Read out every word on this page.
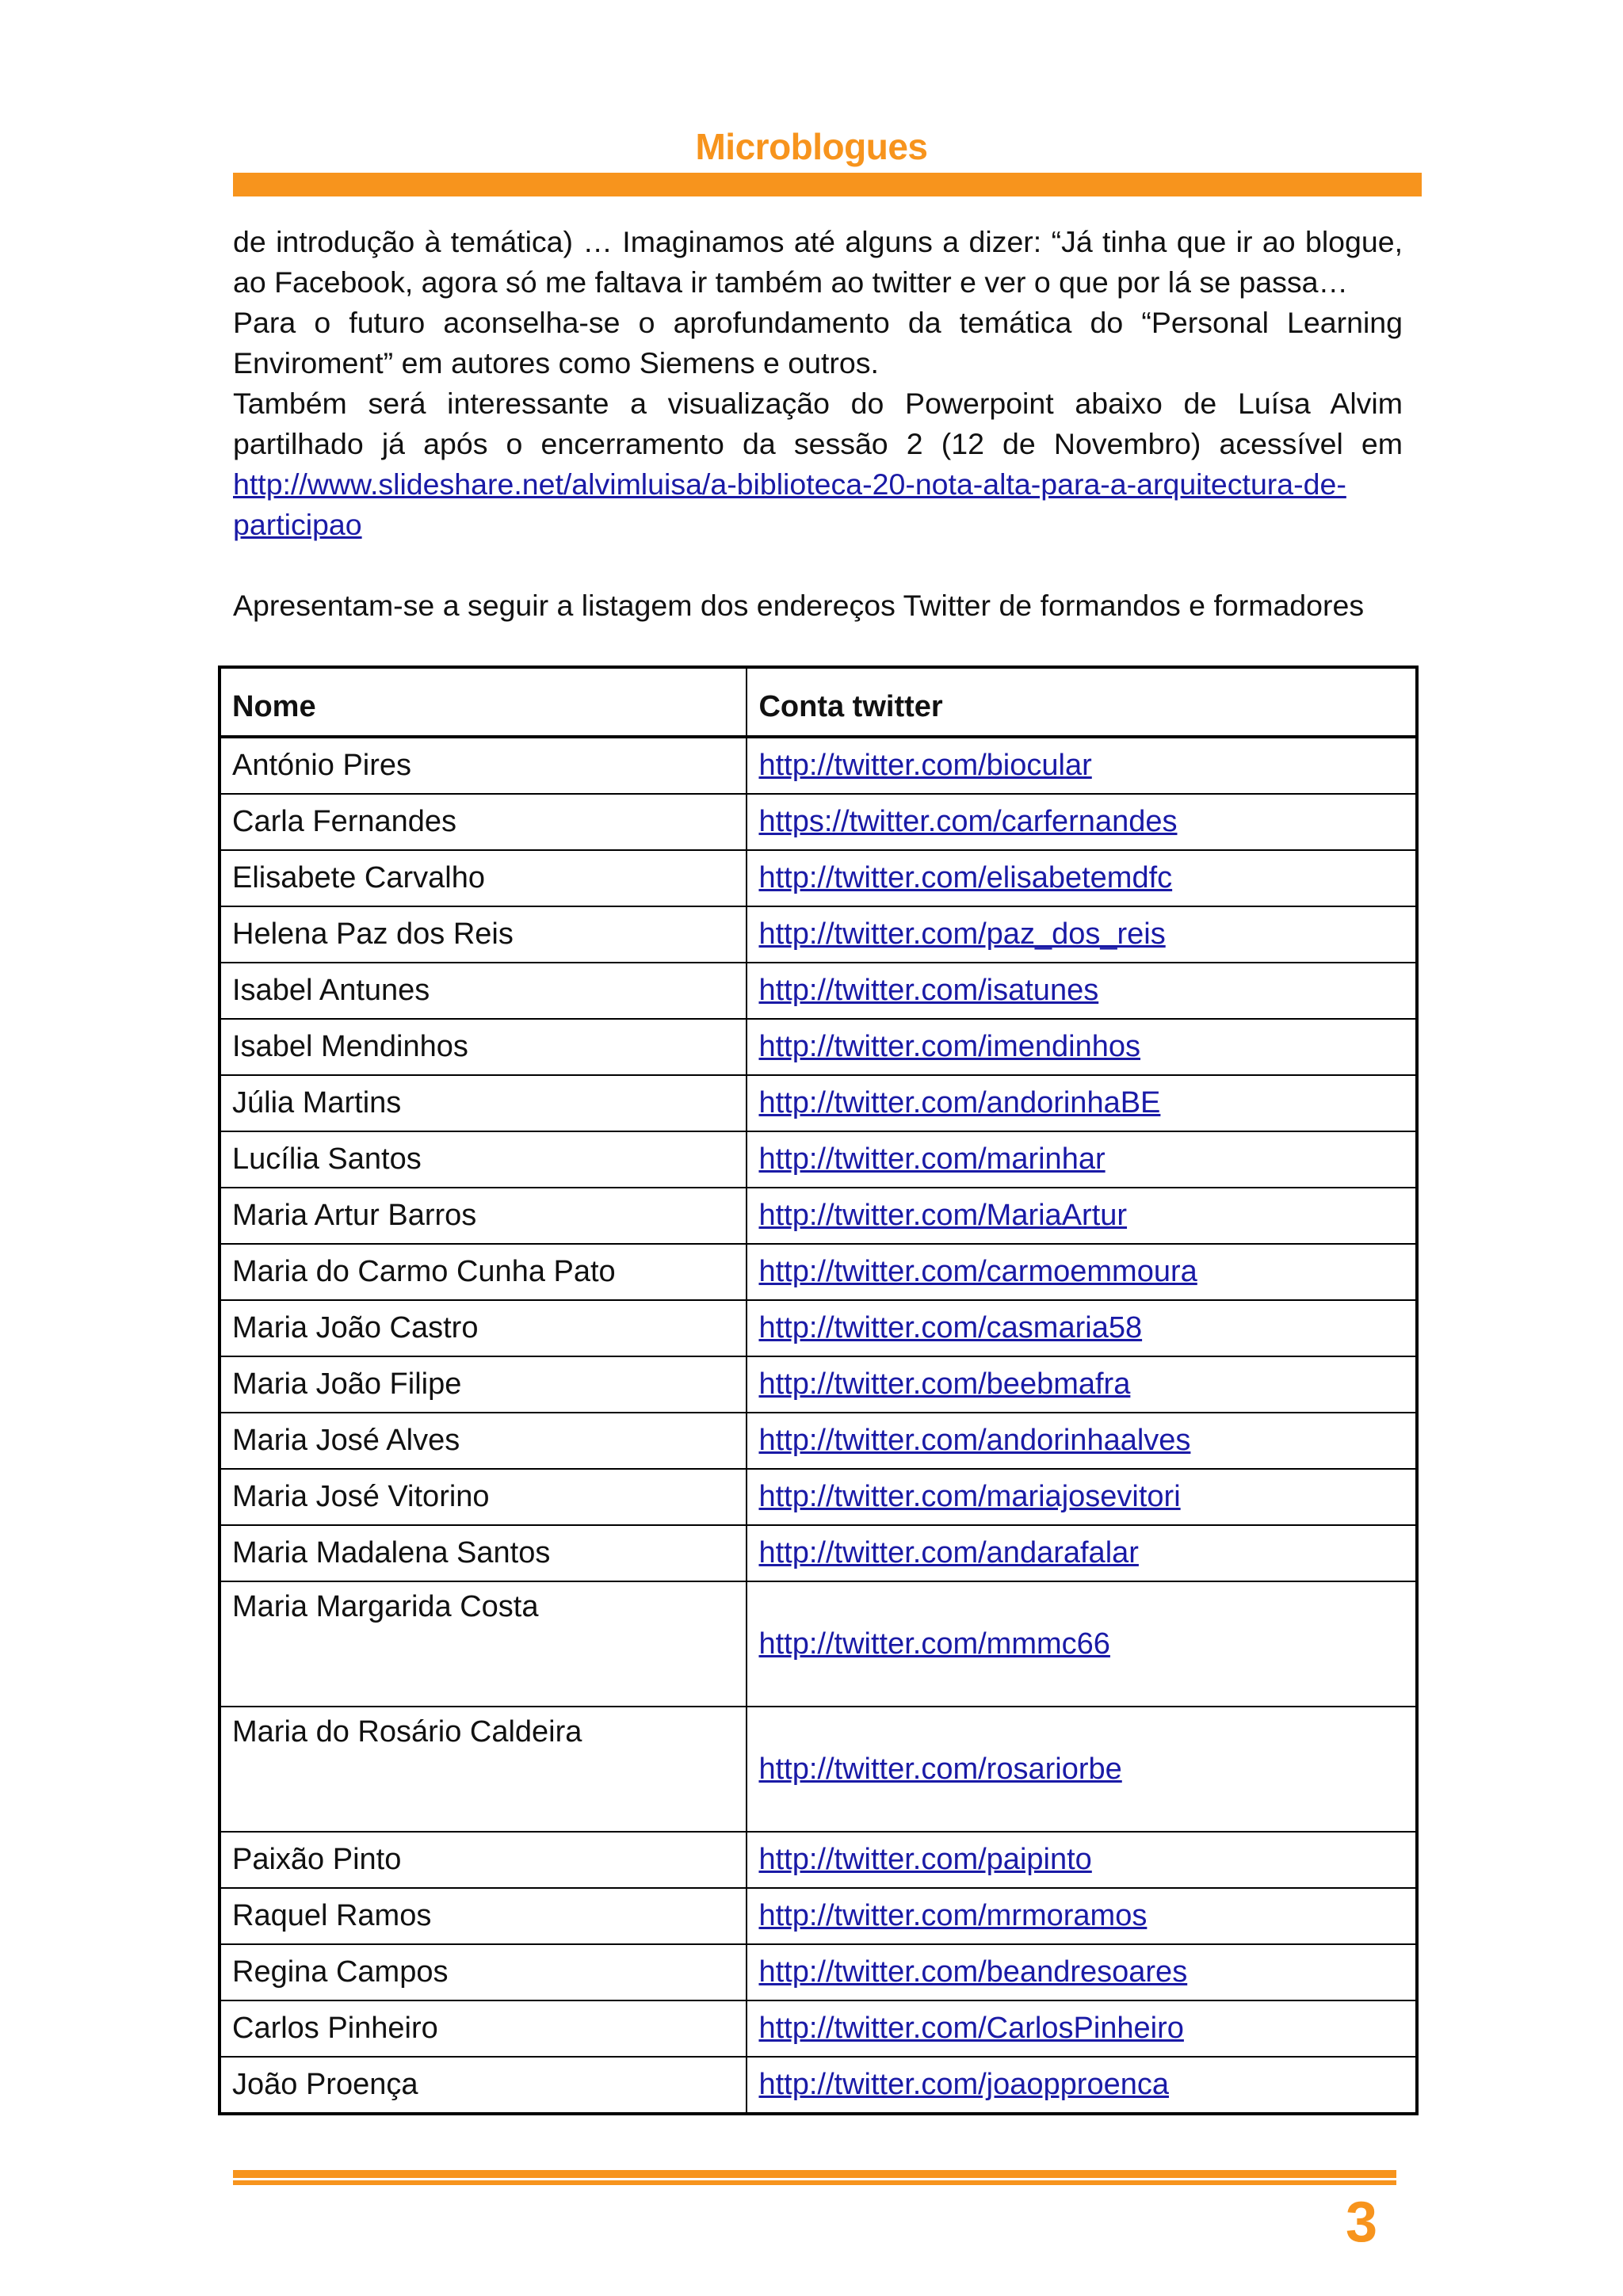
Microblogues

de introdução à temática) … Imaginamos até alguns a dizer: “Já tinha que ir ao blogue, ao Facebook, agora só me faltava ir também ao twitter e ver o que por lá se passa…

Para o futuro aconselha-se o aprofundamento da temática do “Personal Learning Enviroment” em autores como Siemens e outros.

Também será interessante a visualização do Powerpoint abaixo de Luísa Alvim partilhado já após o encerramento da sessão 2 (12 de Novembro) acessível em http://www.slideshare.net/alvimluisa/a-biblioteca-20-nota-alta-para-a-arquitectura-de-participao

Apresentam-se a seguir a listagem dos endereços Twitter de formandos e formadores
Nome	Conta twitter
António Pires	http://twitter.com/biocular
Carla Fernandes	https://twitter.com/carfernandes
Elisabete Carvalho	http://twitter.com/elisabetemdfc
Helena Paz dos Reis	http://twitter.com/paz_dos_reis
Isabel Antunes	http://twitter.com/isatunes
Isabel Mendinhos	http://twitter.com/imendinhos
Júlia Martins	http://twitter.com/andorinhaBE
Lucília Santos	http://twitter.com/marinhar
Maria Artur Barros	http://twitter.com/MariaArtur
Maria do Carmo Cunha Pato	http://twitter.com/carmoemmoura
Maria João Castro	http://twitter.com/casmaria58
Maria João Filipe	http://twitter.com/beebmafra
Maria José Alves	http://twitter.com/andorinhaalves
Maria José Vitorino	http://twitter.com/mariajosevitori
Maria Madalena Santos	http://twitter.com/andarafalar
Maria Margarida Costa	http://twitter.com/mmmc66
Maria do Rosário Caldeira	http://twitter.com/rosariorbe
Paixão Pinto	http://twitter.com/paipinto
Raquel Ramos	http://twitter.com/mrmoramos
Regina Campos	http://twitter.com/beandresoares
Carlos Pinheiro	http://twitter.com/CarlosPinheiro
João Proença	http://twitter.com/joaopproenca
3
